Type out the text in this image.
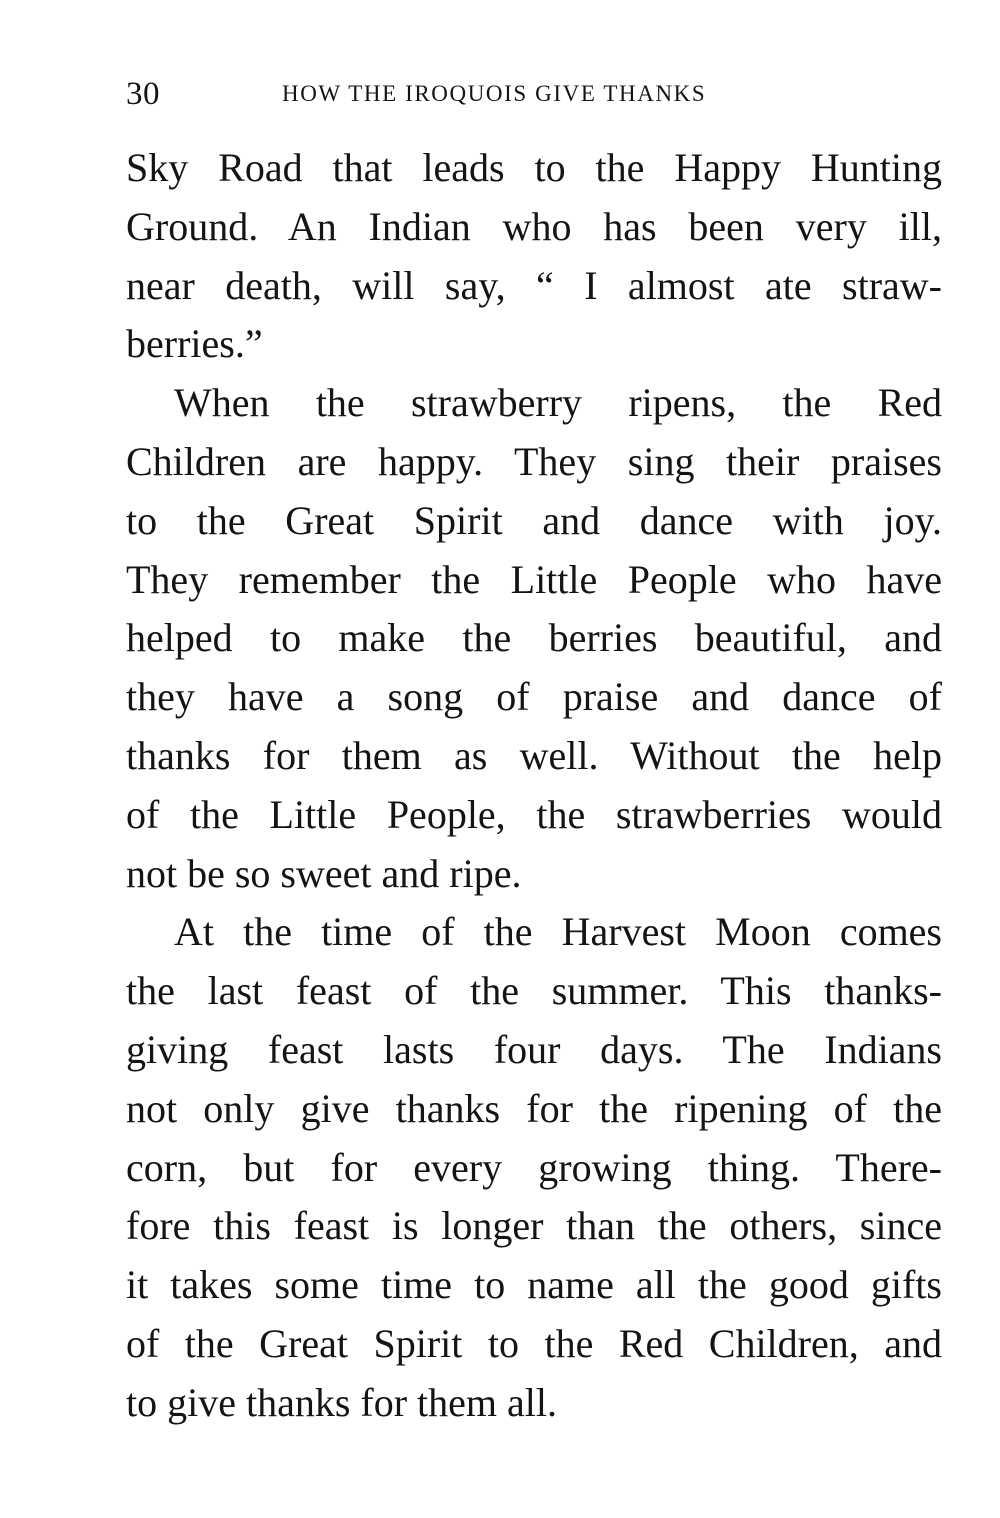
30	HOW THE IROQUOIS GIVE THANKS

Sky Road that leads to the Happy Hunting
Ground. An Indian who has been very ill,
near death, will say, “ I almost ate straw-
berries.”

When the strawberry ripens, the Red
Children are happy. They sing their praises
to the Great Spirit and dance with joy.
They remember the Little People who have
helped to make the berries beautiful, and
they have a song of praise and dance of
thanks for them as well. Without the help
of the Little People, the strawberries would
not be so sweet and ripe.

At the time of the Harvest Moon comes
the last feast of the summer. This thanks-
giving feast lasts four days. The Indians
not only give thanks for the ripening of the
corn, but for every growing thing. There-
fore this feast is longer than the others, since
it takes some time to name all the good gifts
of the Great Spirit to the Red Children, and
to give thanks for them all.
